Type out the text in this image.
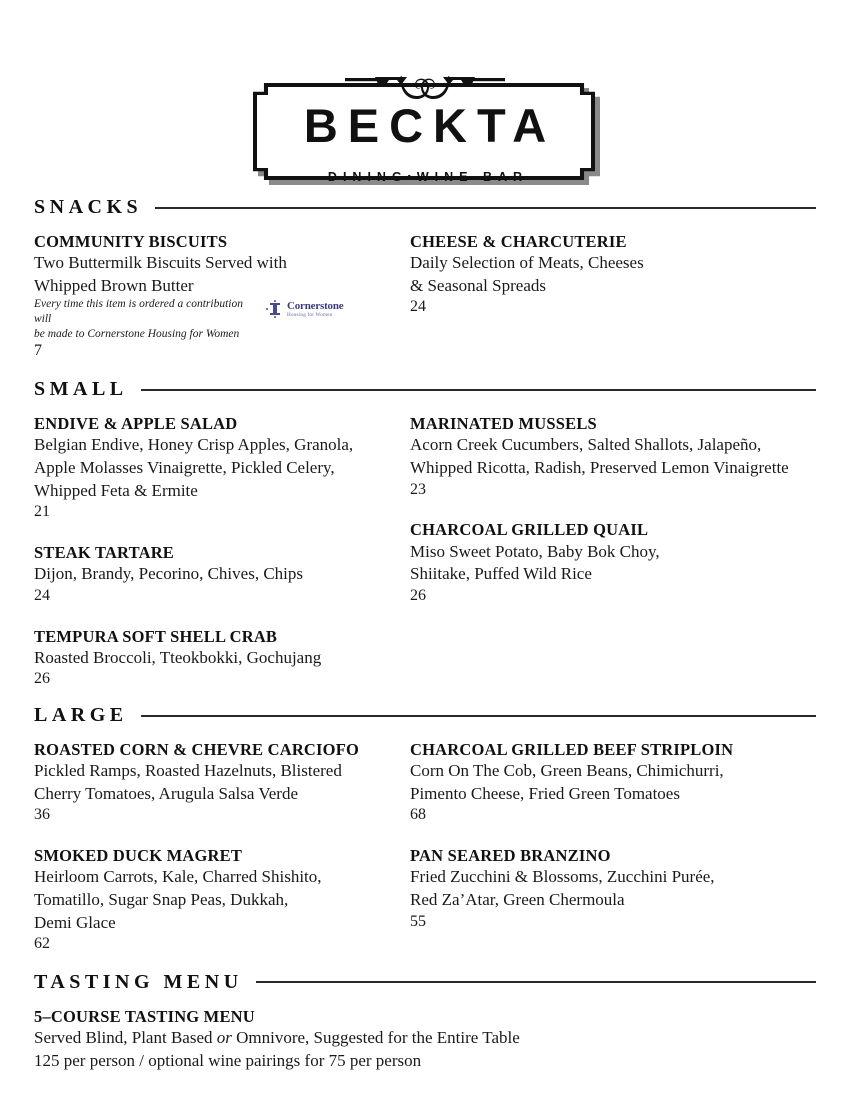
BECKTA
DINING▪WINE BAR
SNACKS
COMMUNITY BISCUITS
Two Buttermilk Biscuits Served with
Whipped Brown Butter
Every time this item is ordered a contribution will
be made to Cornerstone Housing for Women
Cornerstone
Housing for Women
7
CHEESE & CHARCUTERIE
Daily Selection of Meats, Cheeses
& Seasonal Spreads
24
SMALL
ENDIVE & APPLE SALAD
Belgian Endive, Honey Crisp Apples, Granola,
Apple Molasses Vinaigrette, Pickled Celery,
Whipped Feta & Ermite
21
STEAK TARTARE
Dijon, Brandy, Pecorino, Chives, Chips
24
TEMPURA SOFT SHELL CRAB
Roasted Broccoli, Tteokbokki, Gochujang
26
MARINATED MUSSELS
Acorn Creek Cucumbers, Salted Shallots, Jalapeño,
Whipped Ricotta, Radish, Preserved Lemon Vinaigrette
23
CHARCOAL GRILLED QUAIL
Miso Sweet Potato, Baby Bok Choy,
Shiitake, Puffed Wild Rice
26
LARGE
ROASTED CORN & CHEVRE CARCIOFO
Pickled Ramps, Roasted Hazelnuts, Blistered
Cherry Tomatoes, Arugula Salsa Verde
36
SMOKED DUCK MAGRET
Heirloom Carrots, Kale, Charred Shishito,
Tomatillo, Sugar Snap Peas, Dukkah,
Demi Glace
62
CHARCOAL GRILLED BEEF STRIPLOIN
Corn On The Cob, Green Beans, Chimichurri,
Pimento Cheese, Fried Green Tomatoes
68
PAN SEARED BRANZINO
Fried Zucchini & Blossoms, Zucchini Purée,
Red Za’Atar, Green Chermoula
55
TASTING MENU
5–COURSE TASTING MENU
Served Blind, Plant Based or Omnivore, Suggested for the Entire Table
125 per person / optional wine pairings for 75 per person
